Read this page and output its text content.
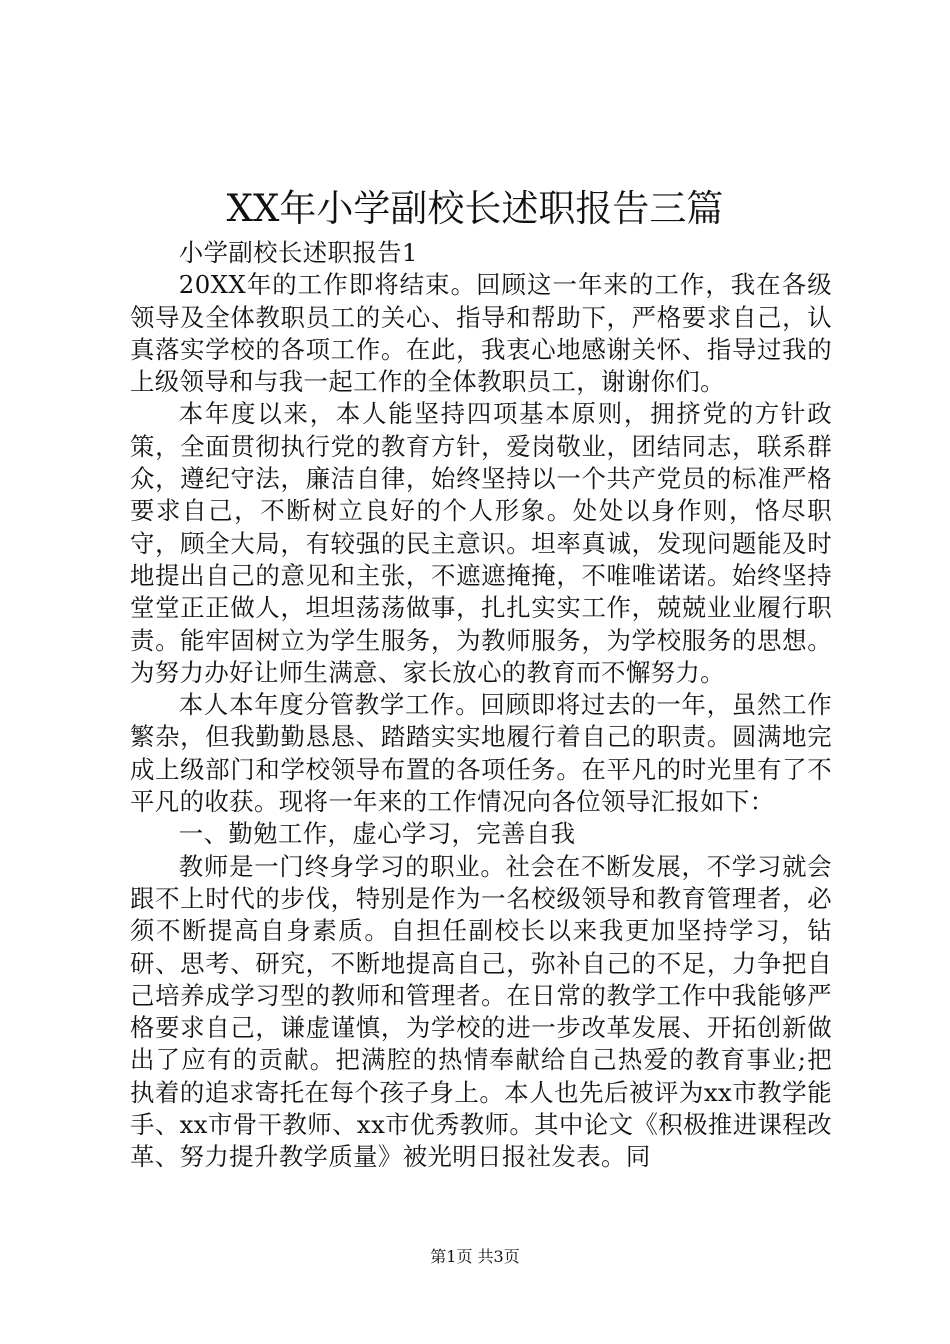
XX年小学副校长述职报告三篇

小学副校长述职报告1

20XX年的工作即将结束。回顾这一年来的工作，我在各级领导及全体教职员工的关心、指导和帮助下，严格要求自己，认真落实学校的各项工作。在此，我衷心地感谢关怀、指导过我的上级领导和与我一起工作的全体教职员工，谢谢你们。

本年度以来，本人能坚持四项基本原则，拥挤党的方针政策，全面贯彻执行党的教育方针，爱岗敬业，团结同志，联系群众，遵纪守法，廉洁自律，始终坚持以一个共产党员的标准严格要求自己，不断树立良好的个人形象。处处以身作则，恪尽职守，顾全大局，有较强的民主意识。坦率真诚，发现问题能及时地提出自己的意见和主张，不遮遮掩掩，不唯唯诺诺。始终坚持堂堂正正做人，坦坦荡荡做事，扎扎实实工作，兢兢业业履行职责。能牢固树立为学生服务，为教师服务，为学校服务的思想。为努力办好让师生满意、家长放心的教育而不懈努力。

本人本年度分管教学工作。回顾即将过去的一年，虽然工作繁杂，但我勤勤恳恳、踏踏实实地履行着自己的职责。圆满地完成上级部门和学校领导布置的各项任务。在平凡的时光里有了不平凡的收获。现将一年来的工作情况向各位领导汇报如下：

一、勤勉工作，虚心学习，完善自我

教师是一门终身学习的职业。社会在不断发展，不学习就会跟不上时代的步伐，特别是作为一名校级领导和教育管理者，必须不断提高自身素质。自担任副校长以来我更加坚持学习，钻研、思考、研究，不断地提高自己，弥补自己的不足，力争把自己培养成学习型的教师和管理者。在日常的教学工作中我能够严格要求自己，谦虚谨慎，为学校的进一步改革发展、开拓创新做出了应有的贡献。把满腔的热情奉献给自己热爱的教育事业;把执着的追求寄托在每个孩子身上。本人也先后被评为xx市教学能手、xx市骨干教师、xx市优秀教师。其中论文《积极推进课程改革、努力提升教学质量》被光明日报社发表。同

第1页 共3页
